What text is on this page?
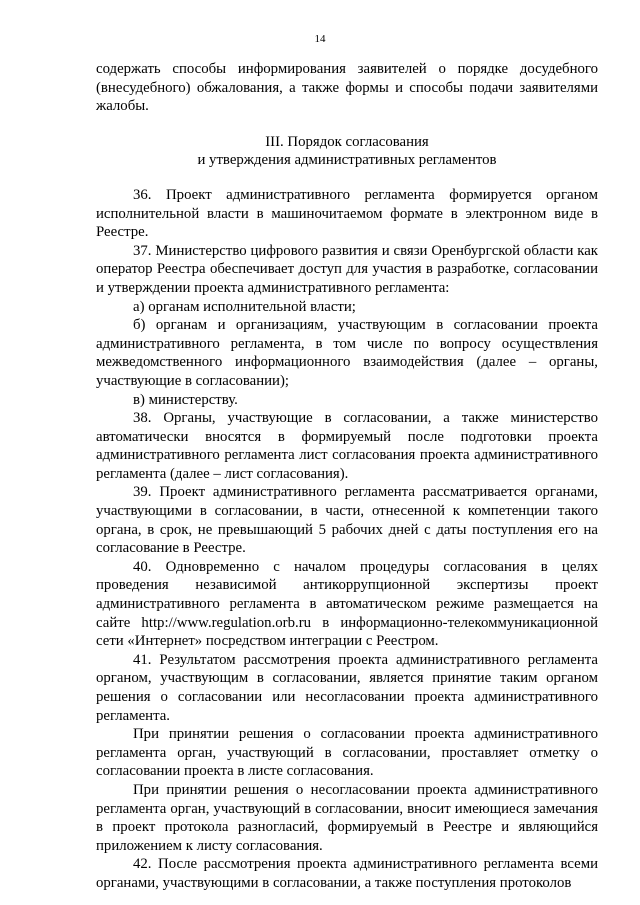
14

содержать способы информирования заявителей о порядке досудебного (внесудебного) обжалования, а также формы и способы подачи заявителями жалобы.

III. Порядок согласования
и утверждения административных регламентов

36. Проект административного регламента формируется органом исполнительной власти в машиночитаемом формате в электронном виде в Реестре.

37. Министерство цифрового развития и связи Оренбургской области как оператор Реестра обеспечивает доступ для участия в разработке, согласовании и утверждении проекта административного регламента:

а) органам исполнительной власти;

б) органам и организациям, участвующим в согласовании проекта административного регламента, в том числе по вопросу осуществления межведомственного информационного взаимодействия (далее – органы, участвующие в согласовании);

в) министерству.

38. Органы, участвующие в согласовании, а также министерство автоматически вносятся в формируемый после подготовки проекта административного регламента лист согласования проекта административного регламента (далее – лист согласования).

39. Проект административного регламента рассматривается органами, участвующими в согласовании, в части, отнесенной к компетенции такого органа, в срок, не превышающий 5 рабочих дней с даты поступления его на согласование в Реестре.

40. Одновременно с началом процедуры согласования в целях проведения независимой антикоррупционной экспертизы проект административного регламента в автоматическом режиме размещается на сайте http://www.regulation.orb.ru в информационно-телекоммуникационной сети «Интернет» посредством интеграции с Реестром.

41. Результатом рассмотрения проекта административного регламента органом, участвующим в согласовании, является принятие таким органом решения о согласовании или несогласовании проекта административного регламента.

При принятии решения о согласовании проекта административного регламента орган, участвующий в согласовании, проставляет отметку о согласовании проекта в листе согласования.

При принятии решения о несогласовании проекта административного регламента орган, участвующий в согласовании, вносит имеющиеся замечания в проект протокола разногласий, формируемый в Реестре и являющийся приложением к листу согласования.

42. После рассмотрения проекта административного регламента всеми органами, участвующими в согласовании, а также поступления протоколов
